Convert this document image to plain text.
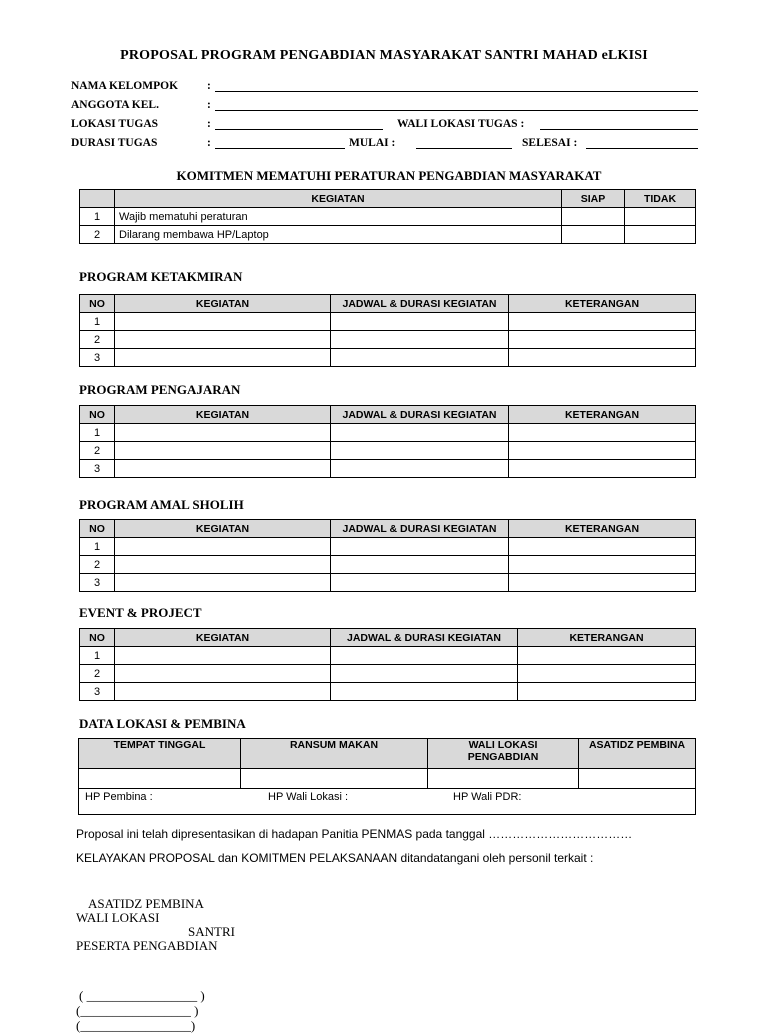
PROPOSAL PROGRAM PENGABDIAN MASYARAKAT SANTRI MAHAD eLKISI
NAMA KELOMPOK	:
ANGGOTA KEL.	:
LOKASI TUGAS	:	WALI LOKASI TUGAS :
DURASI TUGAS	:	MULAI :	SELESAI :
KOMITMEN MEMATUHI PERATURAN PENGABDIAN MASYARAKAT
	KEGIATAN	SIAP	TIDAK
1	Wajib mematuhi peraturan		
2	Dilarang membawa HP/Laptop		
PROGRAM KETAKMIRAN
NO	KEGIATAN	JADWAL & DURASI KEGIATAN	KETERANGAN
1			
2			
3			
PROGRAM PENGAJARAN
NO	KEGIATAN	JADWAL & DURASI KEGIATAN	KETERANGAN
1			
2			
3			
PROGRAM AMAL SHOLIH
NO	KEGIATAN	JADWAL & DURASI KEGIATAN	KETERANGAN
1			
2			
3			
EVENT & PROJECT
NO	KEGIATAN	JADWAL & DURASI KEGIATAN	KETERANGAN
1			
2			
3			
DATA LOKASI & PEMBINA
TEMPAT TINGGAL	RANSUM MAKAN	WALI LOKASI PENGABDIAN	ASATIDZ PEMBINA

HP Pembina : HP Wali Lokasi : HP Wali PDR:			
Proposal ini telah dipresentasikan di hadapan Panitia PENMAS pada tanggal ………………………………
KELAYAKAN PROPOSAL dan KOMITMEN PELAKSANAAN ditandatangani oleh personil terkait :
ASATIDZ PEMBINA
WALI LOKASI
SANTRI
PESERTA PENGABDIAN
( _________________ )
(_________________ )
(_________________)
